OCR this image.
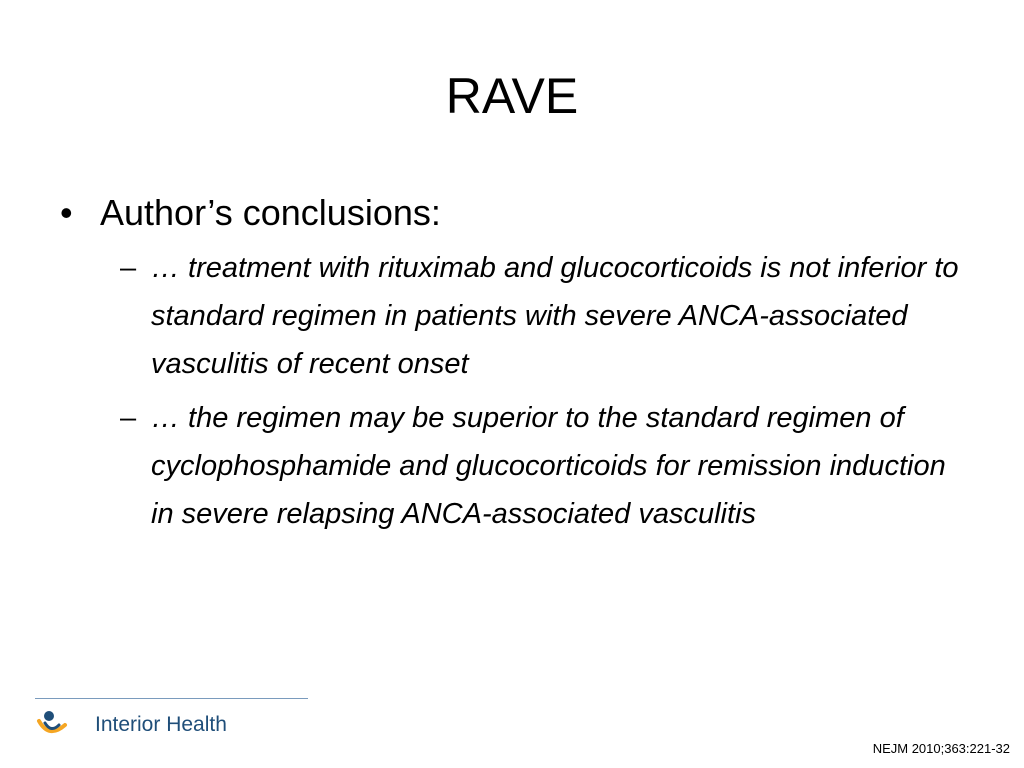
RAVE
• Author’s conclusions:
– … treatment with rituximab and glucocorticoids is not inferior to standard regimen in patients with severe ANCA-associated vasculitis of recent onset
– … the regimen may be superior to the standard regimen of cyclophosphamide and glucocorticoids for remission induction in severe relapsing ANCA-associated vasculitis
Interior Health
NEJM 2010;363:221-32
